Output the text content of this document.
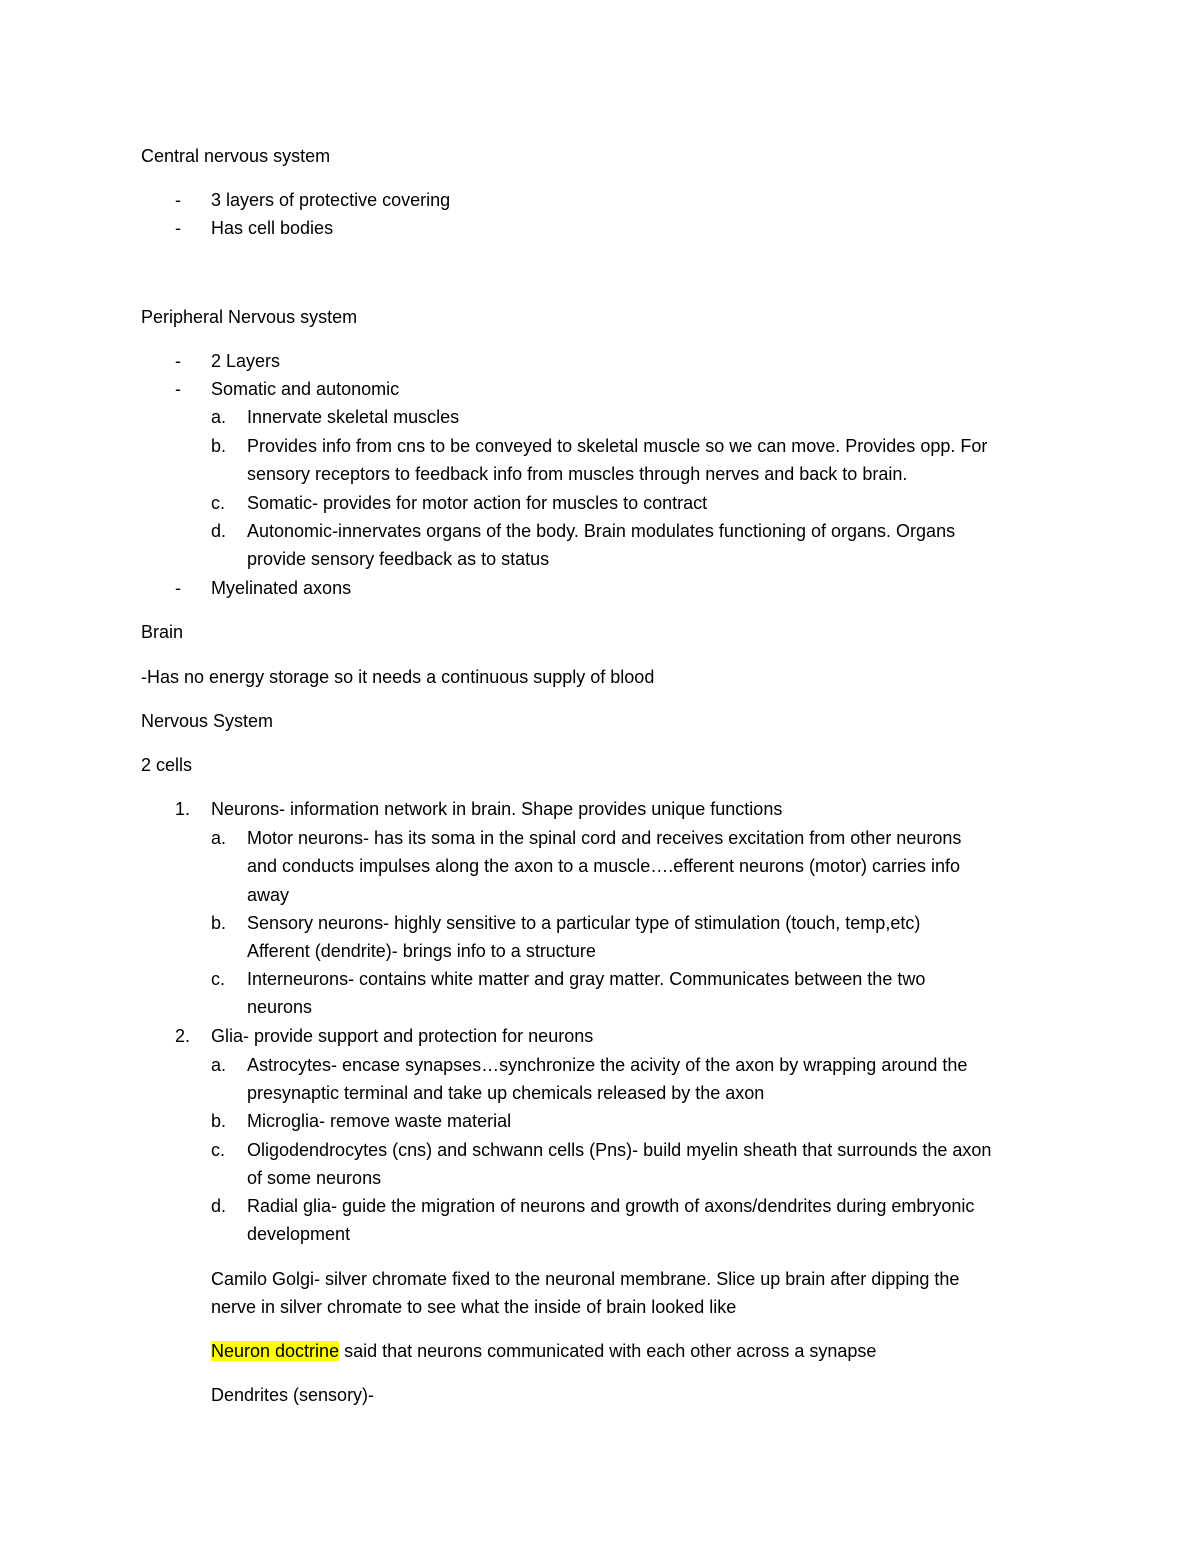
Central nervous system
- 3 layers of protective covering
- Has cell bodies
Peripheral Nervous system
- 2 Layers
- Somatic and autonomic
a. Innervate skeletal muscles
b. Provides info from cns to be conveyed to skeletal muscle so we can move. Provides opp. For
sensory receptors to feedback info from muscles through nerves and back to brain.
c. Somatic- provides for motor action for muscles to contract
d. Autonomic-innervates organs of the body. Brain modulates functioning of organs. Organs
provide sensory feedback as to status
- Myelinated axons
Brain
-Has no energy storage so it needs a continuous supply of blood
Nervous System
2 cells
1. Neurons- information network in brain. Shape provides unique functions
a. Motor neurons- has its soma in the spinal cord and receives excitation from other neurons
and conducts impulses along the axon to a muscle….efferent neurons (motor) carries info
away
b. Sensory neurons- highly sensitive to a particular type of stimulation (touch, temp,etc)
Afferent (dendrite)- brings info to a structure
c. Interneurons- contains white matter and gray matter. Communicates between the two
neurons
2. Glia- provide support and protection for neurons
a. Astrocytes- encase synapses…synchronize the acivity of the axon by wrapping around the
presynaptic terminal and take up chemicals released by the axon
b. Microglia- remove waste material
c. Oligodendrocytes (cns) and schwann cells (Pns)- build myelin sheath that surrounds the axon
of some neurons
d. Radial glia- guide the migration of neurons and growth of axons/dendrites during embryonic
development
Camilo Golgi- silver chromate fixed to the neuronal membrane. Slice up brain after dipping the
nerve in silver chromate to see what the inside of brain looked like
Neuron doctrine said that neurons communicated with each other across a synapse
Dendrites (sensory)-
